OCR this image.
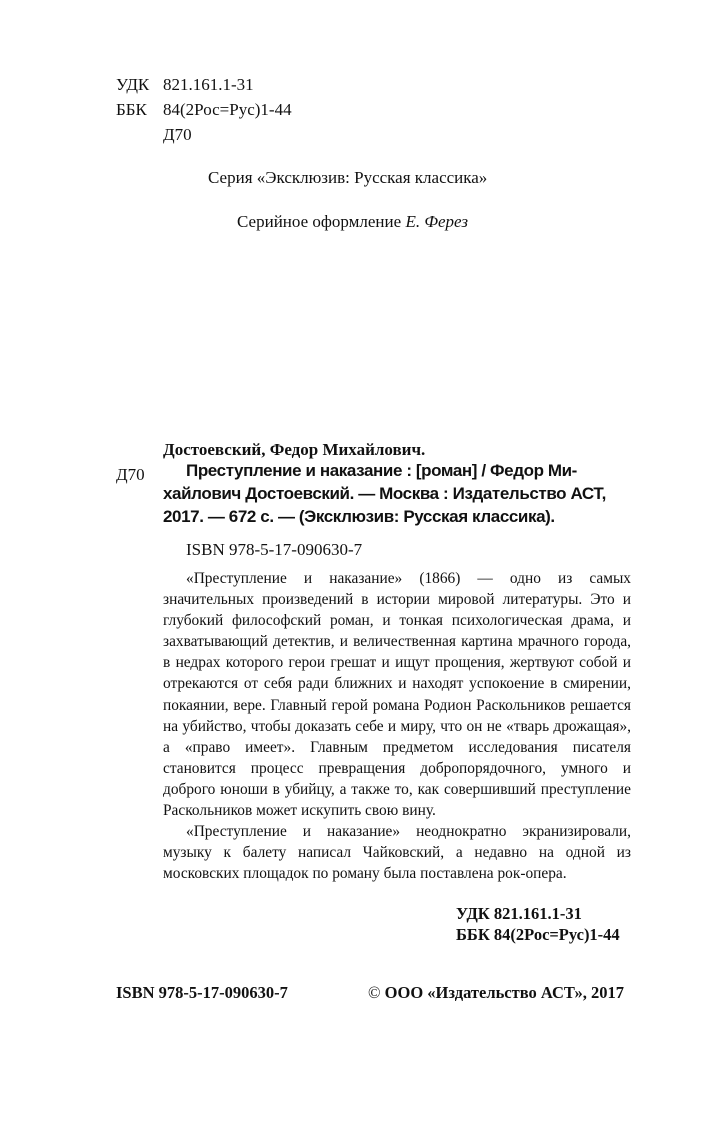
УДК 821.161.1-31
ББК 84(2Рос=Рус)1-44
Д70
Серия «Эксклюзив: Русская классика»
Серийное оформление Е. Ферез
Достоевский, Федор Михайлович.
Д70 Преступление и наказание : [роман] / Федор Ми-
хайлович Достоевский. — Москва : Издательство АСТ,
2017. — 672 с. — (Эксклюзив: Русская классика).
ISBN 978-5-17-090630-7

«Преступление и наказание» (1866) — одно из самых значительных произведений в истории мировой литературы. Это и глубокий философский роман, и тонкая психологическая драма, и захватывающий детектив, и величественная картина мрачного города, в недрах которого герои грешат и ищут прощения, жертвуют собой и отрекаются от себя ради ближних и находят успокоение в смирении, покаянии, вере. Главный герой романа Родион Раскольников решается на убийство, чтобы доказать себе и миру, что он не «тварь дрожащая», а «право имеет». Главным предметом исследования писателя становится процесс превращения добропорядочного, умного и доброго юноши в убийцу, а также то, как совершивший преступление Раскольников может искупить свою вину.

«Преступление и наказание» неоднократно экранизировали, музыку к балету написал Чайковский, а недавно на одной из московских площадок по роману была поставлена рок-опера.

УДК 821.161.1-31
ББК 84(2Рос=Рус)1-44
ISBN 978-5-17-090630-7	© ООО «Издательство АСТ», 2017
